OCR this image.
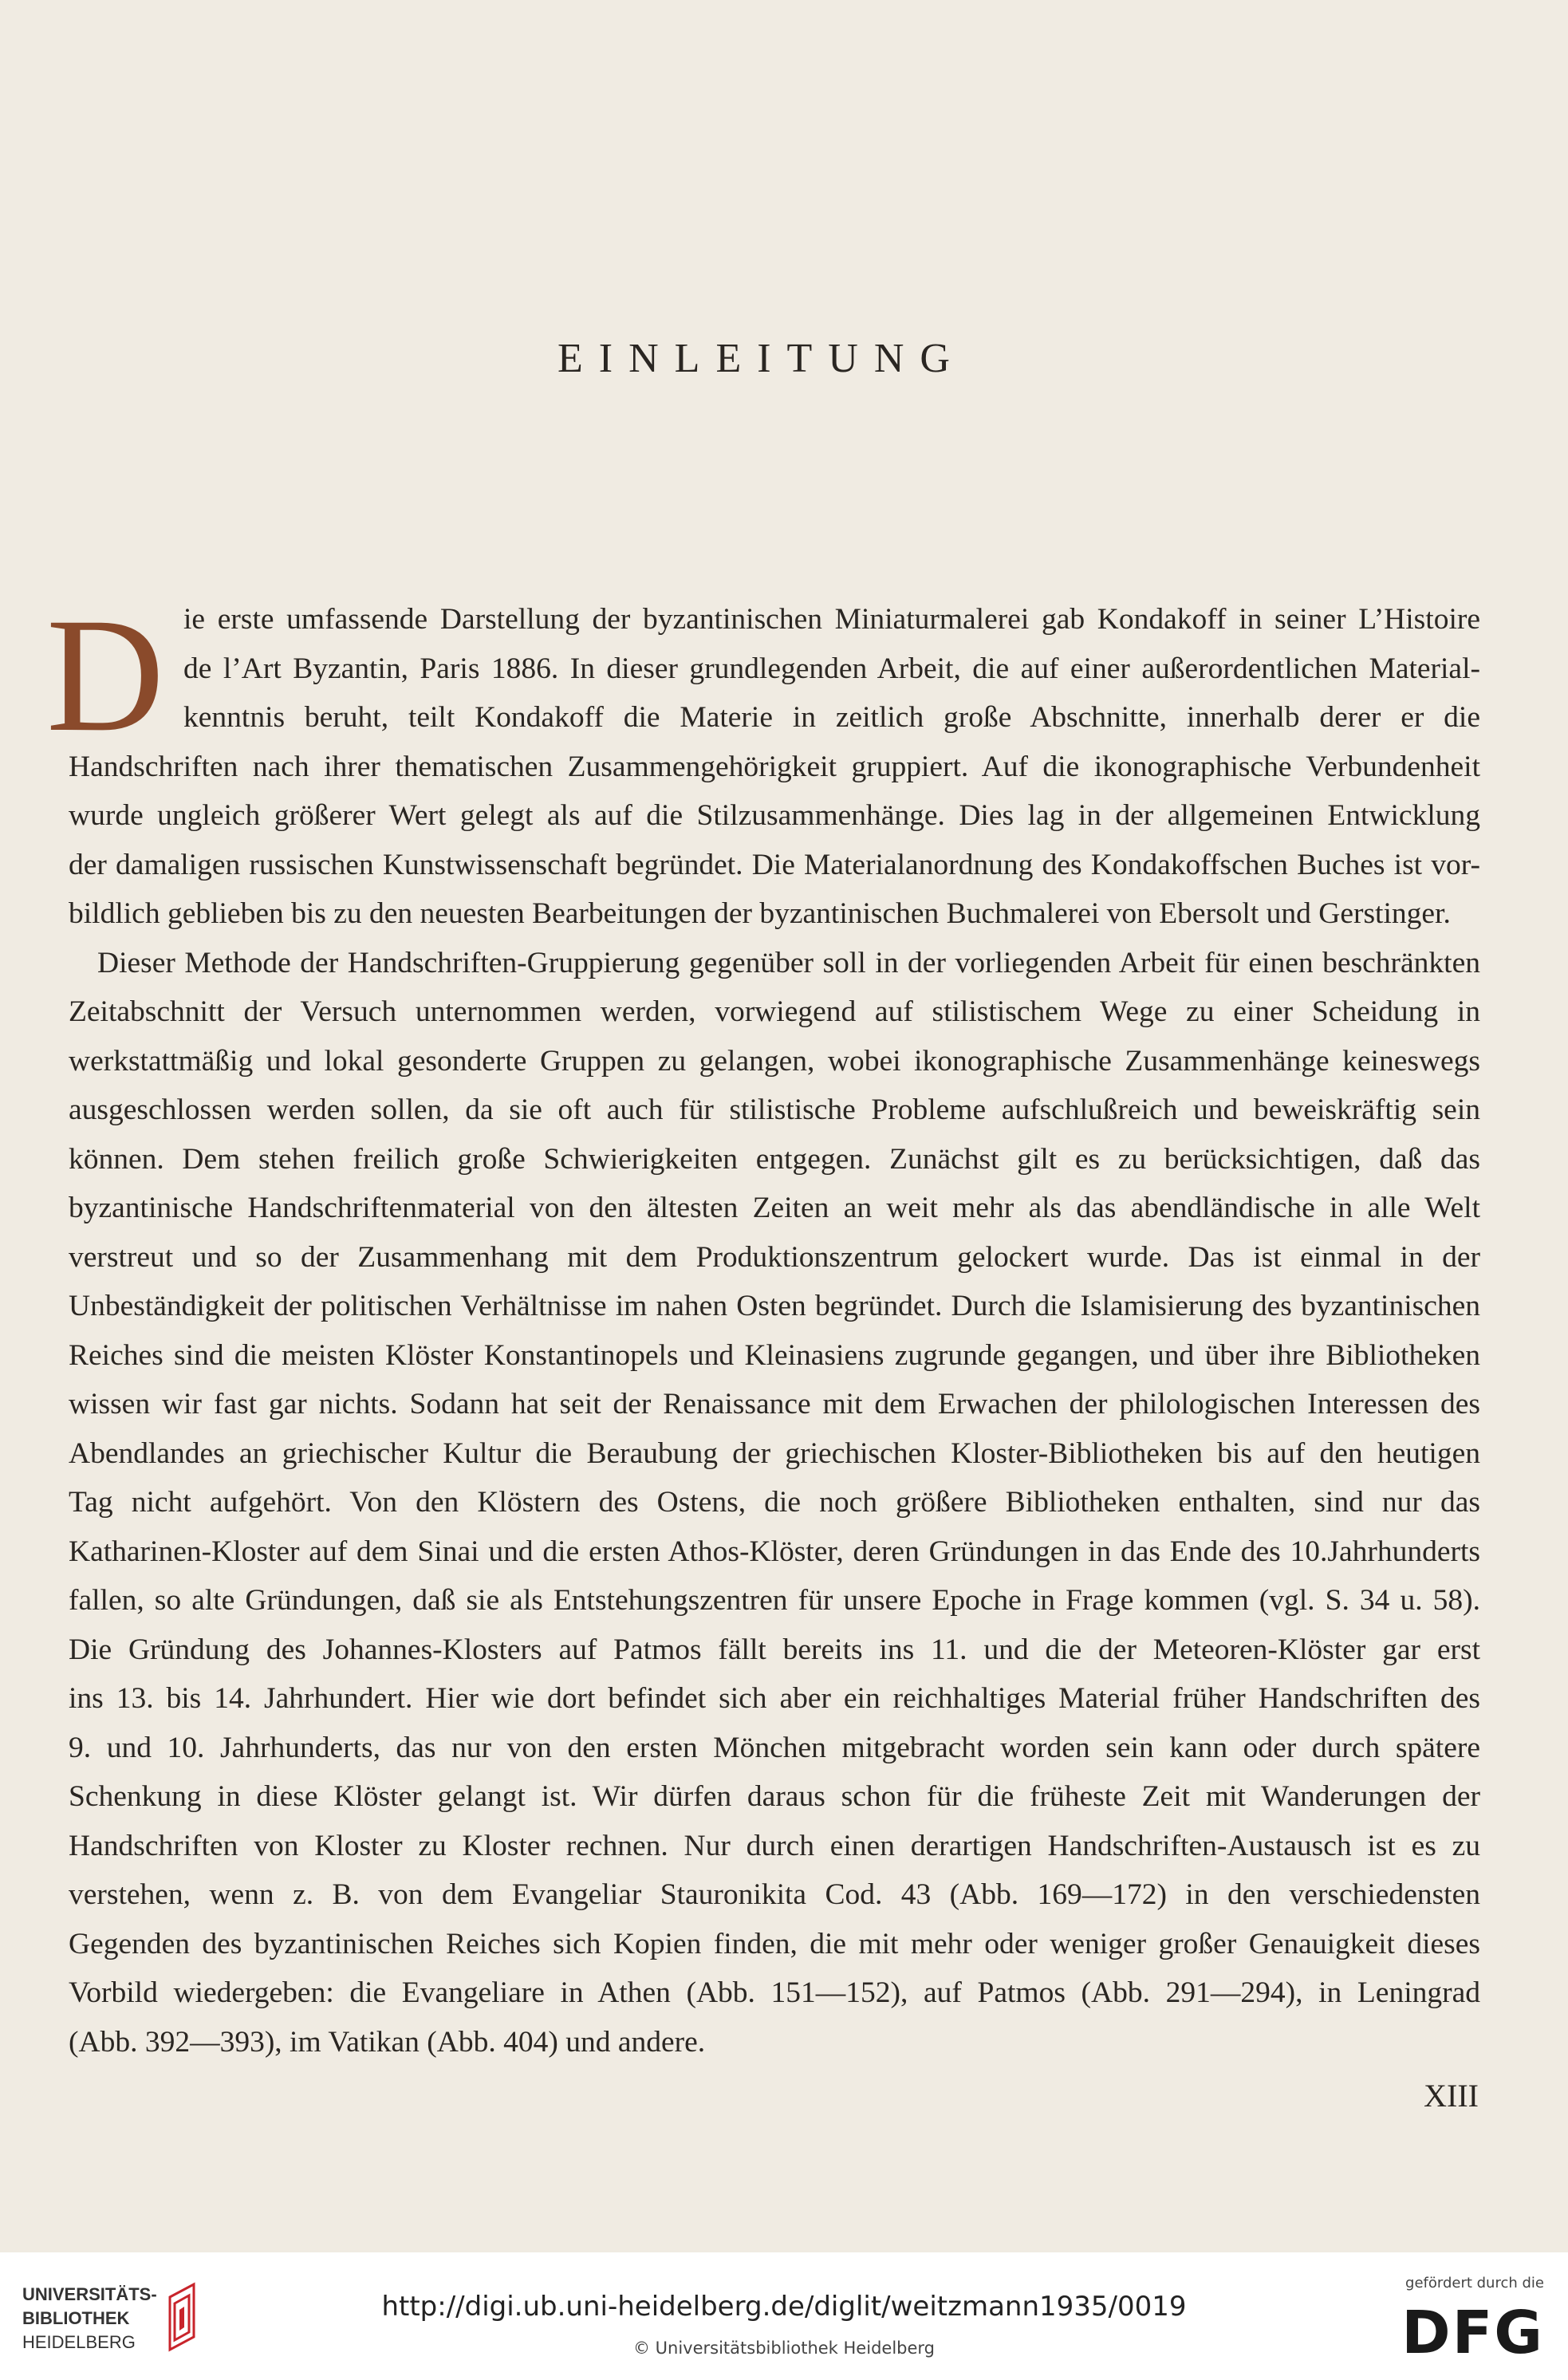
EINLEITUNG
D ie erste umfassende Darstellung der byzantinischen Miniaturmalerei gab Kondakoff in seiner L’Histoire
de l’Art Byzantin, Paris 1886. In dieser grundlegenden Arbeit, die auf einer außerordentlichen Material-
kenntnis beruht, teilt Kondakoff die Materie in zeitlich große Abschnitte, innerhalb derer er die
Handschriften nach ihrer thematischen Zusammengehörigkeit gruppiert. Auf die ikonographische Verbundenheit
wurde ungleich größerer Wert gelegt als auf die Stilzusammenhänge. Dies lag in der allgemeinen Entwicklung
der damaligen russischen Kunstwissenschaft begründet. Die Materialanordnung des Kondakoffschen Buches ist vor-
bildlich geblieben bis zu den neuesten Bearbeitungen der byzantinischen Buchmalerei von Ebersolt und Gerstinger.
Dieser Methode der Handschriften-Gruppierung gegenüber soll in der vorliegenden Arbeit für einen beschränkten
Zeitabschnitt der Versuch unternommen werden, vorwiegend auf stilistischem Wege zu einer Scheidung in
werkstattmäßig und lokal gesonderte Gruppen zu gelangen, wobei ikonographische Zusammenhänge keineswegs
ausgeschlossen werden sollen, da sie oft auch für stilistische Probleme aufschlußreich und beweiskräftig sein
können. Dem stehen freilich große Schwierigkeiten entgegen. Zunächst gilt es zu berücksichtigen, daß das
byzantinische Handschriftenmaterial von den ältesten Zeiten an weit mehr als das abendländische in alle Welt
verstreut und so der Zusammenhang mit dem Produktionszentrum gelockert wurde. Das ist einmal in der
Unbeständigkeit der politischen Verhältnisse im nahen Osten begründet. Durch die Islamisierung des byzantinischen
Reiches sind die meisten Klöster Konstantinopels und Kleinasiens zugrunde gegangen, und über ihre Bibliotheken
wissen wir fast gar nichts. Sodann hat seit der Renaissance mit dem Erwachen der philologischen Interessen des
Abendlandes an griechischer Kultur die Beraubung der griechischen Kloster-Bibliotheken bis auf den heutigen
Tag nicht aufgehört. Von den Klöstern des Ostens, die noch größere Bibliotheken enthalten, sind nur das
Katharinen-Kloster auf dem Sinai und die ersten Athos-Klöster, deren Gründungen in das Ende des 10.Jahrhunderts
fallen, so alte Gründungen, daß sie als Entstehungszentren für unsere Epoche in Frage kommen (vgl. S. 34 u. 58).
Die Gründung des Johannes-Klosters auf Patmos fällt bereits ins 11. und die der Meteoren-Klöster gar erst
ins 13. bis 14. Jahrhundert. Hier wie dort befindet sich aber ein reichhaltiges Material früher Handschriften des
9. und 10. Jahrhunderts, das nur von den ersten Mönchen mitgebracht worden sein kann oder durch spätere
Schenkung in diese Klöster gelangt ist. Wir dürfen daraus schon für die früheste Zeit mit Wanderungen der
Handschriften von Kloster zu Kloster rechnen. Nur durch einen derartigen Handschriften-Austausch ist es zu
verstehen, wenn z. B. von dem Evangeliar Stauronikita Cod. 43 (Abb. 169—172) in den verschiedensten
Gegenden des byzantinischen Reiches sich Kopien finden, die mit mehr oder weniger großer Genauigkeit dieses
Vorbild wiedergeben: die Evangeliare in Athen (Abb. 151—152), auf Patmos (Abb. 291—294), in Leningrad
(Abb. 392—393), im Vatikan (Abb. 404) und andere.
XIII
UNIVERSITÄTS-
BIBLIOTHEK
HEIDELBERG
http://digi.ub.uni-heidelberg.de/diglit/weitzmann1935/0019
© Universitätsbibliothek Heidelberg
gefördert durch die
DFG
